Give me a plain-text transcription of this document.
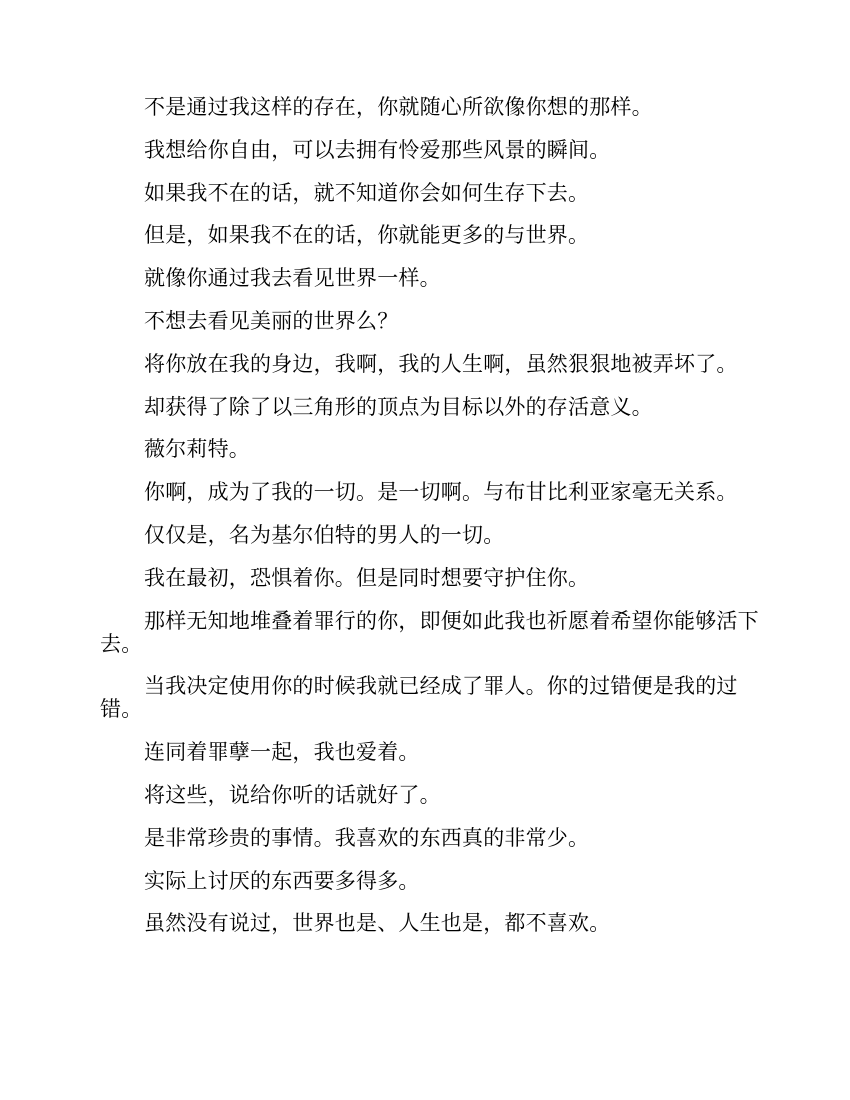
不是通过我这样的存在，你就随心所欲像你想的那样。

我想给你自由，可以去拥有怜爱那些风景的瞬间。

如果我不在的话，就不知道你会如何生存下去。

但是，如果我不在的话，你就能更多的与世界。

就像你通过我去看见世界一样。

不想去看见美丽的世界么？

将你放在我的身边，我啊，我的人生啊，虽然狠狠地被弄坏了。

却获得了除了以三角形的顶点为目标以外的存活意义。

薇尔莉特。

你啊，成为了我的一切。是一切啊。与布甘比利亚家毫无关系。

仅仅是，名为基尔伯特的男人的一切。

我在最初，恐惧着你。但是同时想要守护住你。

那样无知地堆叠着罪行的你，即便如此我也祈愿着希望你能够活下去。

当我决定使用你的时候我就已经成了罪人。你的过错便是我的过错。

连同着罪孽一起，我也爱着。

将这些，说给你听的话就好了。

是非常珍贵的事情。我喜欢的东西真的非常少。

实际上讨厌的东西要多得多。

虽然没有说过，世界也是、人生也是，都不喜欢。
